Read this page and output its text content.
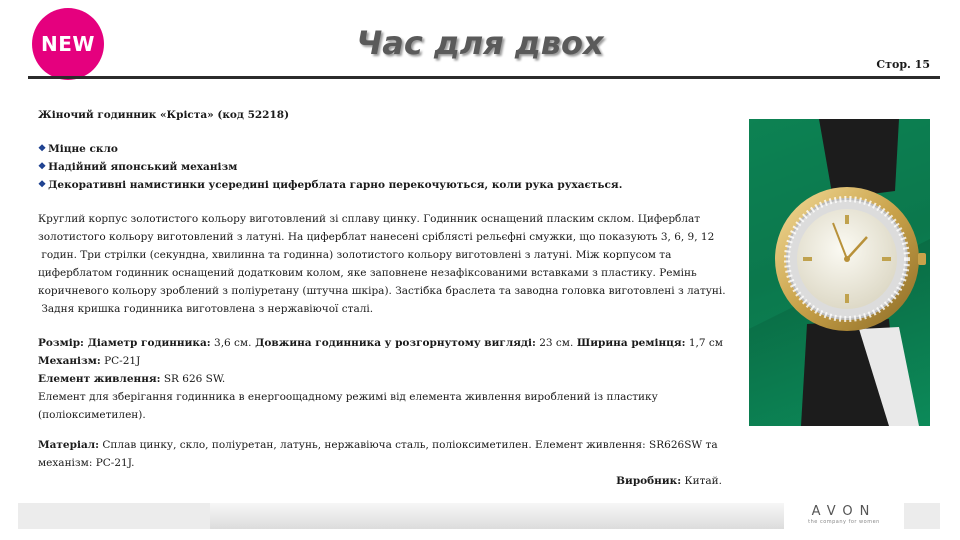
NEW	Час для двох
Стор. 15

Жіночий годинник «Кріста» (код 52218)

❖ Міцне скло
❖ Надійний японський механізм
❖ Декоративні намистинки усередині циферблата гарно перекочуються, коли рука рухається.

Круглий корпус золотистого кольору виготовлений зі сплаву цинку. Годинник оснащений пласким склом. Циферблат

золотистого кольору виготовлений з латуні. На циферблат нанесені сріблясті рельєфні смужки, що показують 3, 6, 9, 12

годин. Три стрілки (секундна, хвилинна та годинна) золотистого кольору виготовлені з латуні. Між корпусом та

циферблатом годинник оснащений додатковим колом, яке заповнене незафіксованими вставками з пластику. Ремінь

коричневого кольору зроблений з поліуретану (штучна шкіра). Застібка браслета та заводна головка виготовлені з латуні.

Задня кришка годинника виготовлена з нержавіючої сталі.

Розмір: Діаметр годинника: 3,6 см. Довжина годинника у розгорнутому вигляді: 23 см. Ширина ремінця: 1,7 см

Механізм: PC-21J

Елемент живлення: SR 626 SW.

Елемент для зберігання годинника в енергоощадному режимі від елемента живлення вироблений із пластику

(поліоксиметилен).

Матеріал: Сплав цинку, скло, поліуретан, латунь, нержавіюча сталь, поліоксиметилен. Елемент живлення: SR626SW та

механізм: PC-21J.

Виробник: Китай.

AVON
the company for women
